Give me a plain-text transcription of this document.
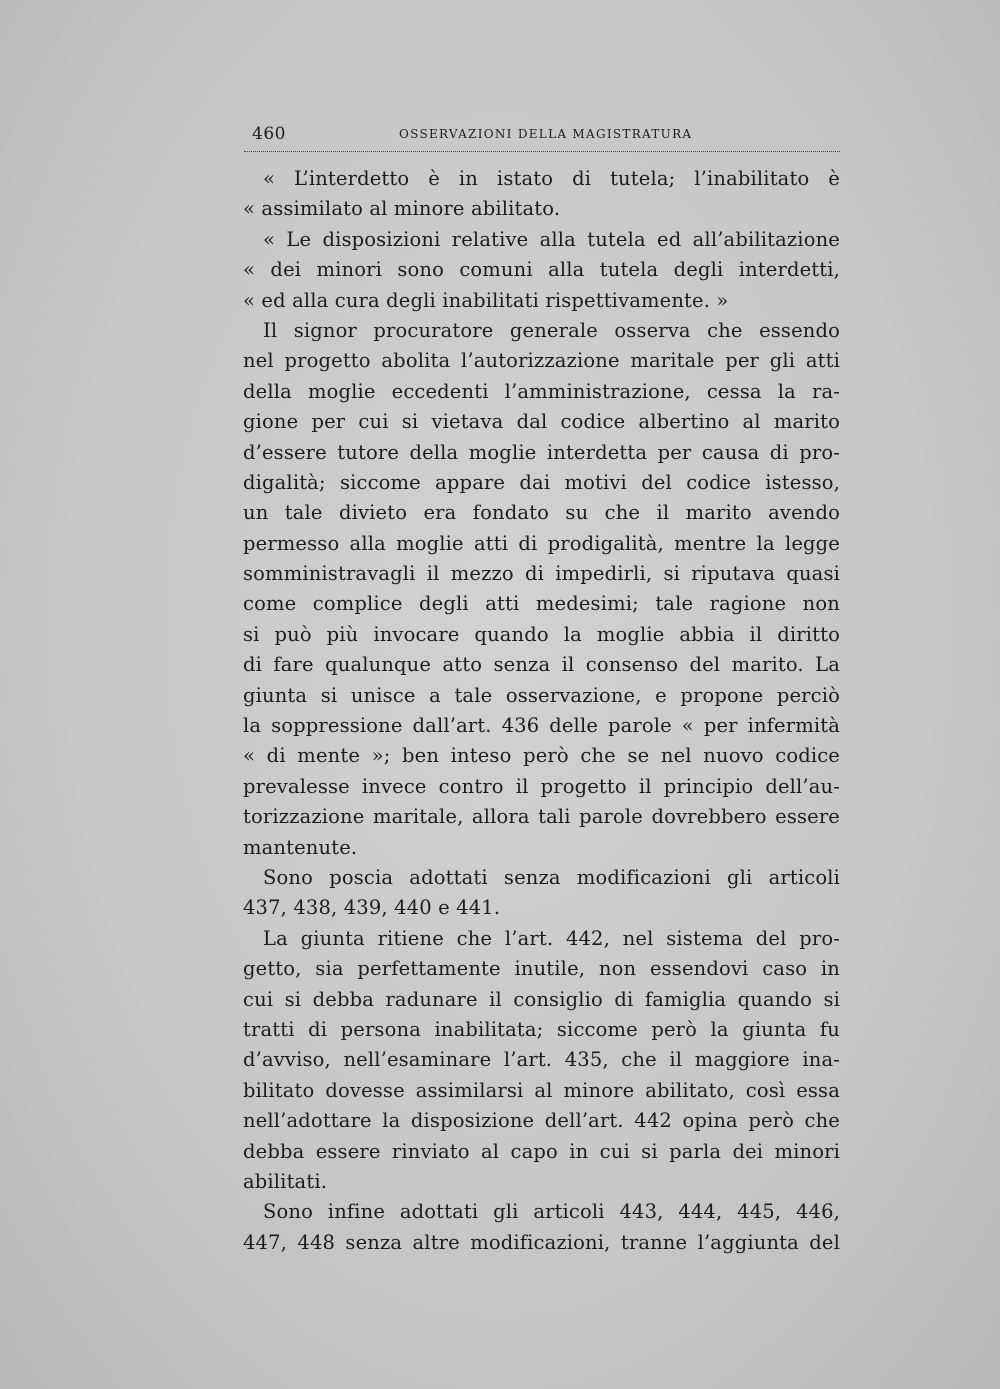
460	OSSERVAZIONI DELLA MAGISTRATURA
« L’interdetto è in istato di tutela; l’inabilitato è
« assimilato al minore abilitato.
« Le disposizioni relative alla tutela ed all’abilitazione
« dei minori sono comuni alla tutela degli interdetti,
« ed alla cura degli inabilitati rispettivamente. »
Il signor procuratore generale osserva che essendo
nel progetto abolita l’autorizzazione maritale per gli atti
della moglie eccedenti l’amministrazione, cessa la ra-
gione per cui si vietava dal codice albertino al marito
d’essere tutore della moglie interdetta per causa di pro-
digalità; siccome appare dai motivi del codice istesso,
un tale divieto era fondato su che il marito avendo
permesso alla moglie atti di prodigalità, mentre la legge
somministravagli il mezzo di impedirli, si riputava quasi
come complice degli atti medesimi; tale ragione non
si può più invocare quando la moglie abbia il diritto
di fare qualunque atto senza il consenso del marito. La
giunta si unisce a tale osservazione, e propone perciò
la soppressione dall’art. 436 delle parole « per infermità
« di mente »; ben inteso però che se nel nuovo codice
prevalesse invece contro il progetto il principio dell’au-
torizzazione maritale, allora tali parole dovrebbero essere
mantenute.
Sono poscia adottati senza modificazioni gli articoli
437, 438, 439, 440 e 441.
La giunta ritiene che l’art. 442, nel sistema del pro-
getto, sia perfettamente inutile, non essendovi caso in
cui si debba radunare il consiglio di famiglia quando si
tratti di persona inabilitata; siccome però la giunta fu
d’avviso, nell’esaminare l’art. 435, che il maggiore ina-
bilitato dovesse assimilarsi al minore abilitato, così essa
nell’adottare la disposizione dell’art. 442 opina però che
debba essere rinviato al capo in cui si parla dei minori
abilitati.
Sono infine adottati gli articoli 443, 444, 445, 446,
447, 448 senza altre modificazioni, tranne l’aggiunta del
